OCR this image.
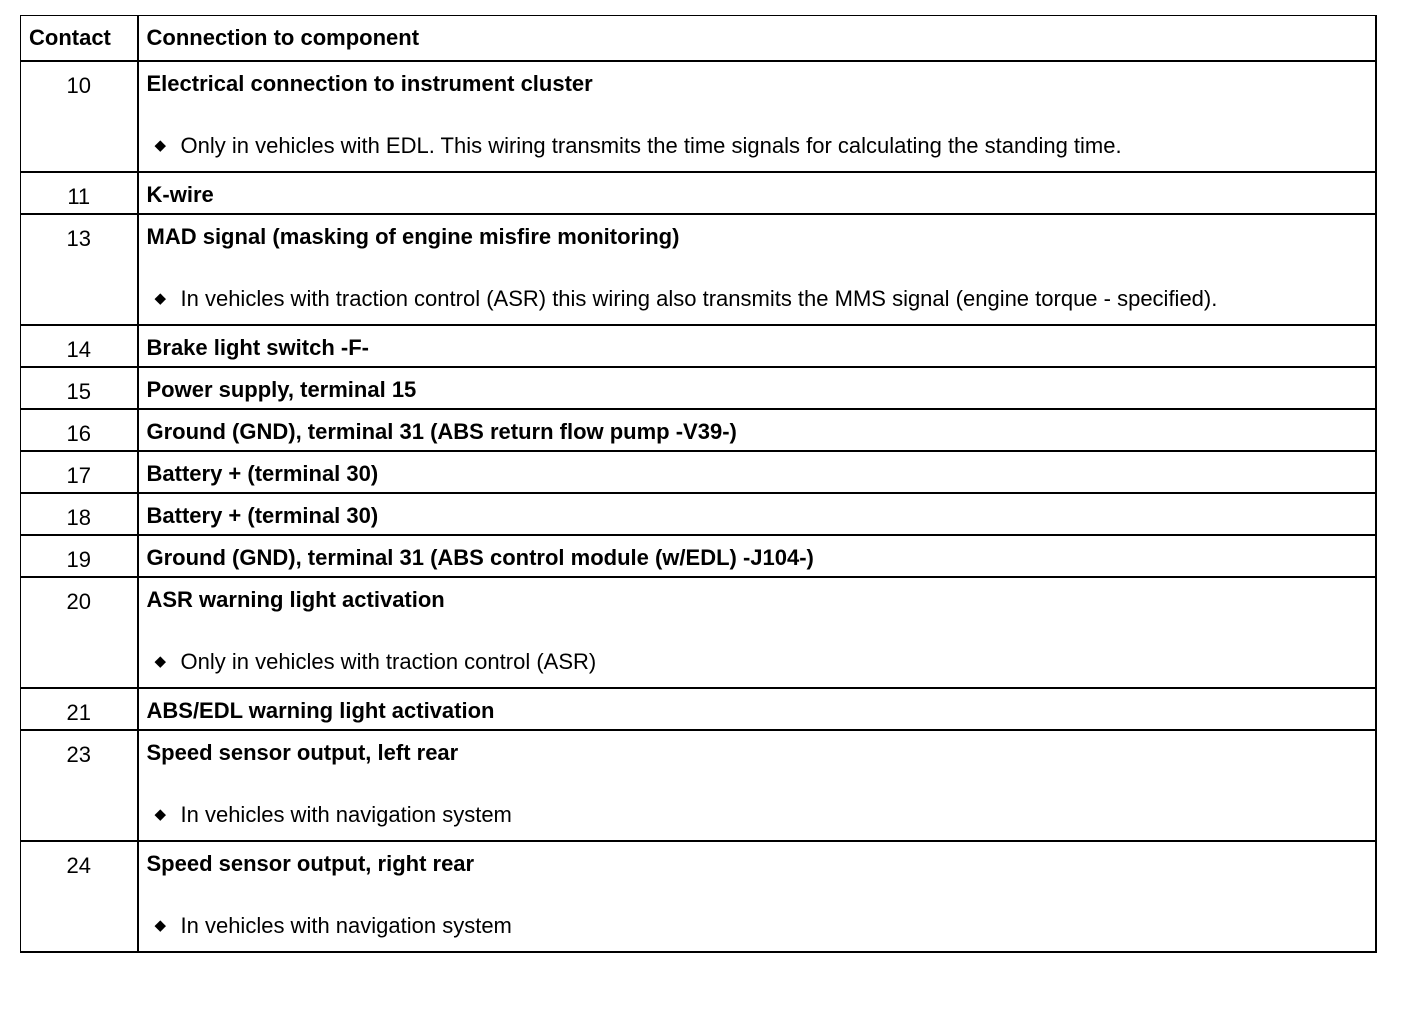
Contact	Connection to component
10	Electrical connection to instrument cluster
◆ Only in vehicles with EDL. This wiring transmits the time signals for calculating the standing time.

11	K-wire

13	MAD signal (masking of engine misfire monitoring)
◆ In vehicles with traction control (ASR) this wiring also transmits the MMS signal (engine torque - specified).

14	Brake light switch -F-

15	Power supply, terminal 15

16	Ground (GND), terminal 31 (ABS return flow pump -V39-)

17	Battery + (terminal 30)

18	Battery + (terminal 30)

19	Ground (GND), terminal 31 (ABS control module (w/EDL) -J104-)

20	ASR warning light activation
◆ Only in vehicles with traction control (ASR)

21	ABS/EDL warning light activation

23	Speed sensor output, left rear
◆ In vehicles with navigation system

24	Speed sensor output, right rear
◆ In vehicles with navigation system
